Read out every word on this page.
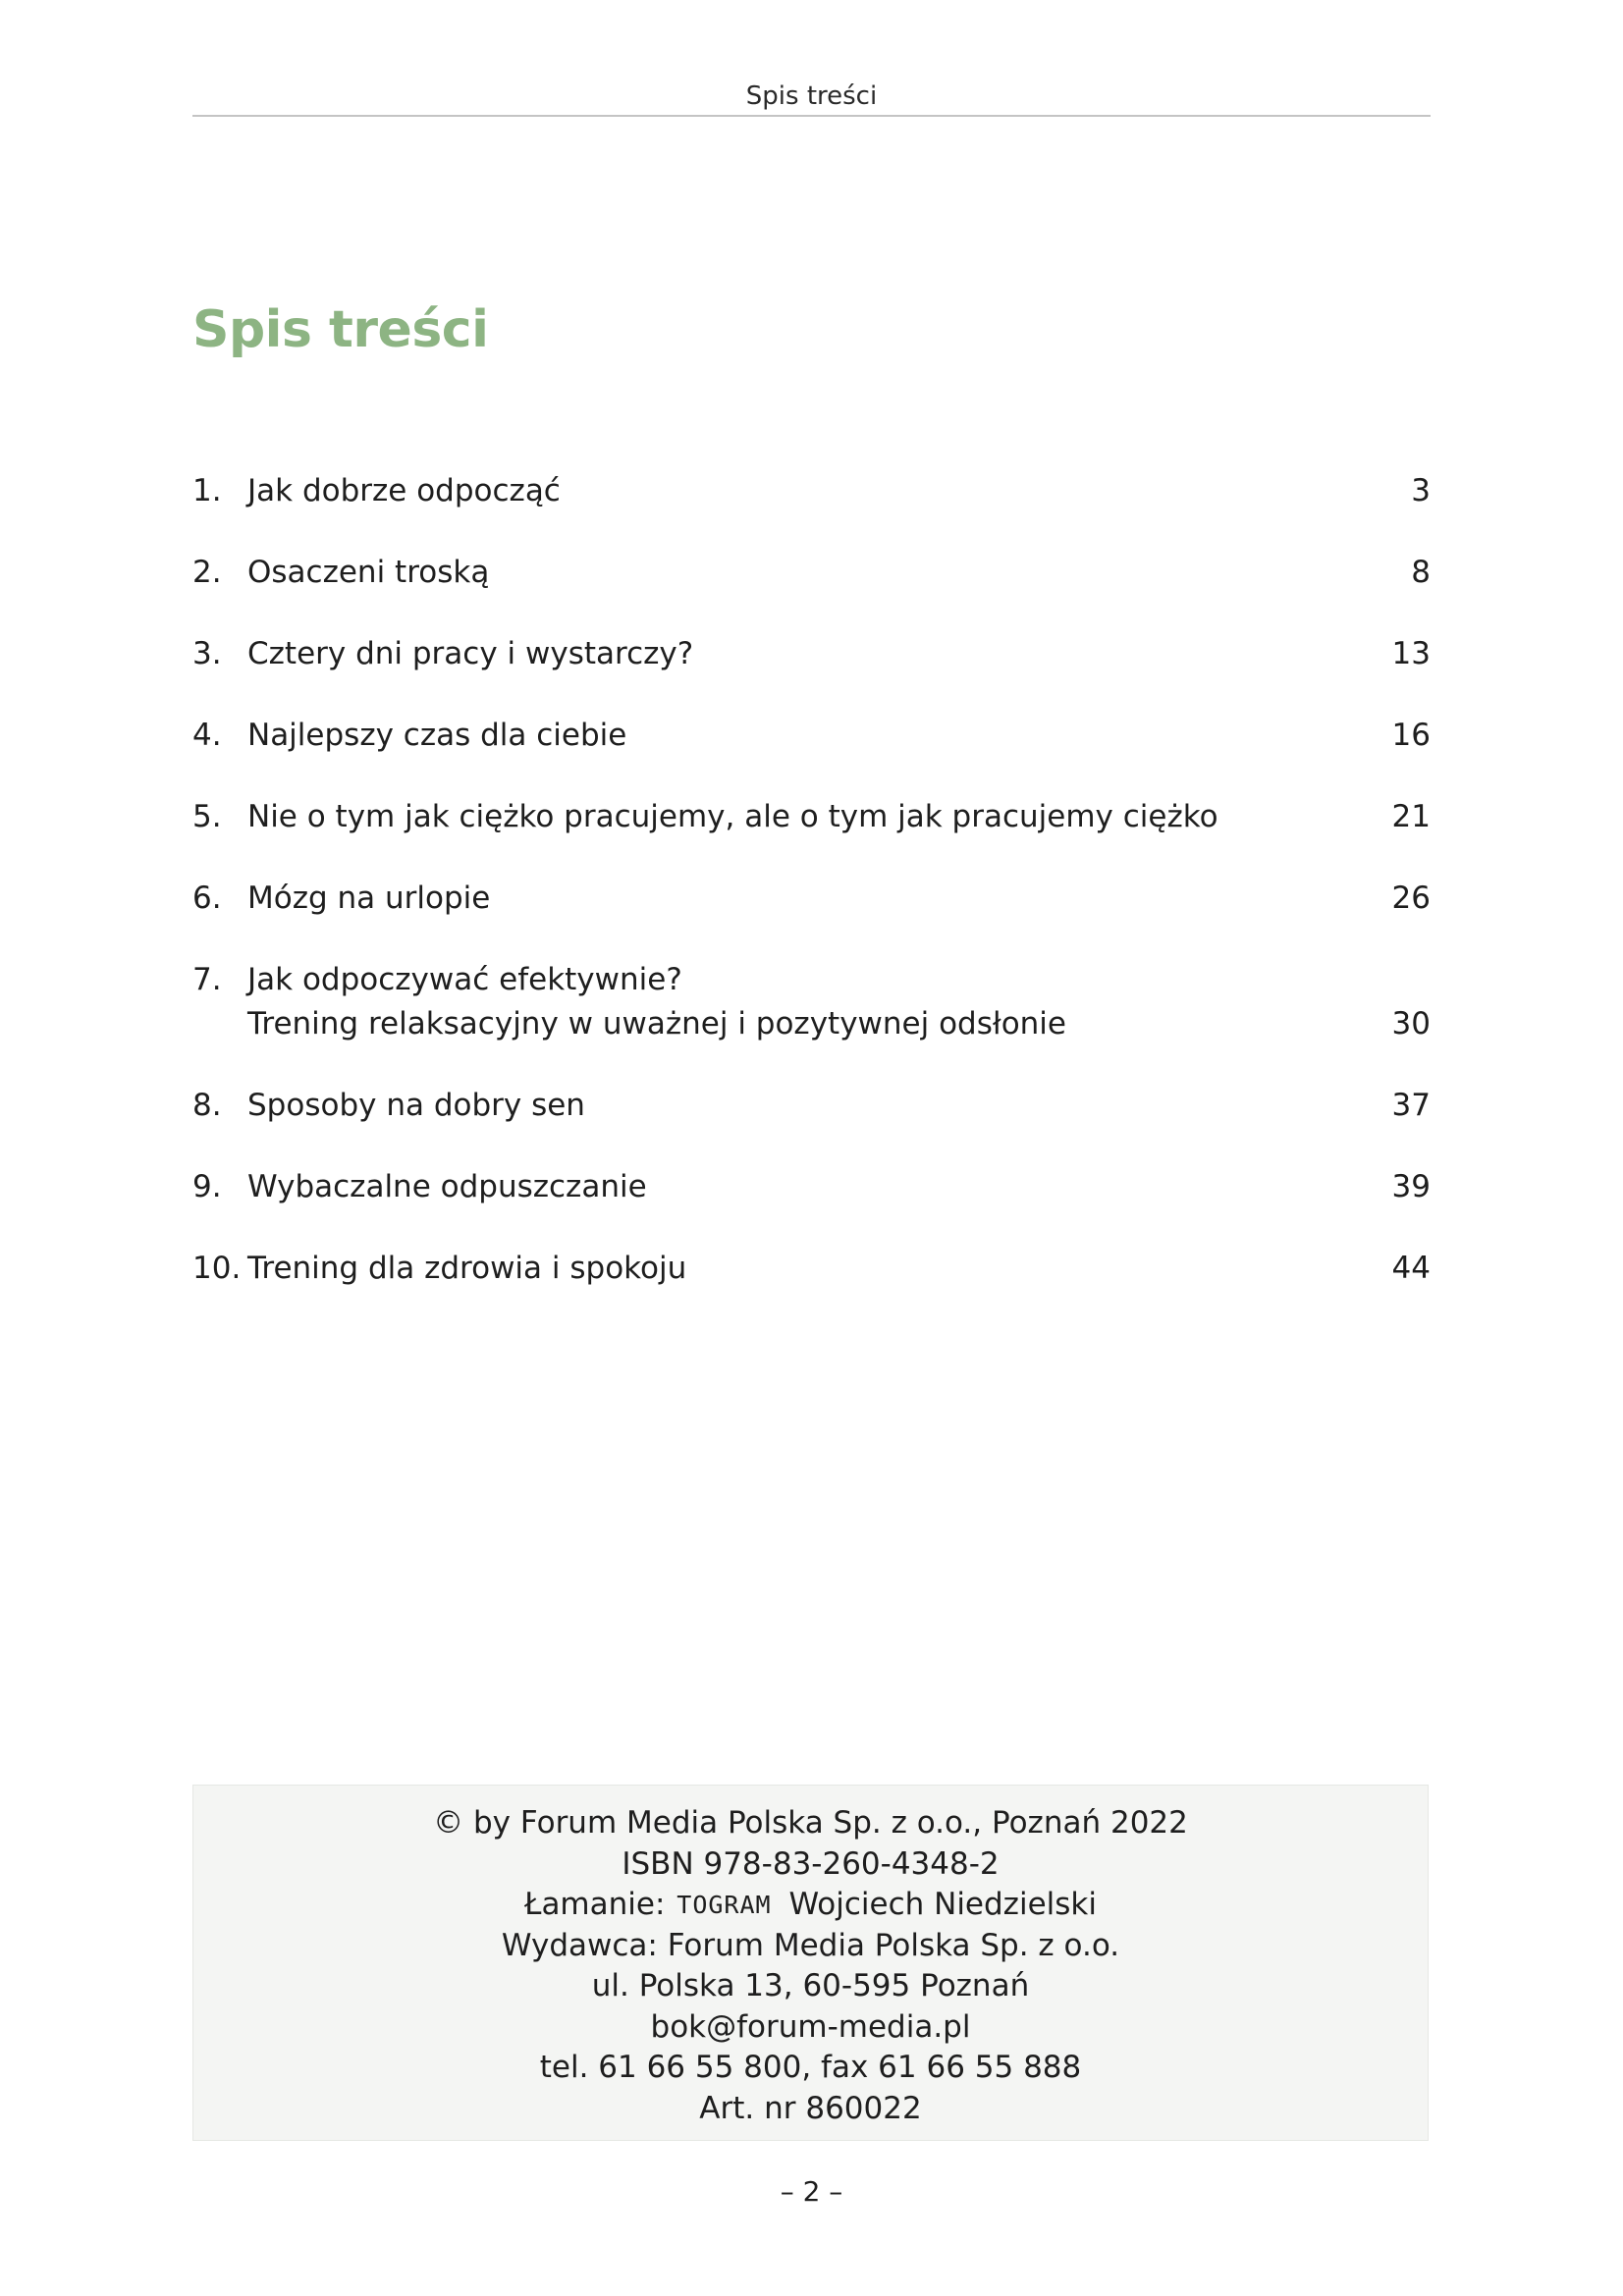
Spis treści
Spis treści
1. Jak dobrze odpocząć	3
2. Osaczeni troską	8
3. Cztery dni pracy i wystarczy?	13
4. Najlepszy czas dla ciebie	16
5. Nie o tym jak ciężko pracujemy, ale o tym jak pracujemy ciężko	21
6. Mózg na urlopie	26
7. Jak odpoczywać efektywnie?
Trening relaksacyjny w uważnej i pozytywnej odsłonie	30
8. Sposoby na dobry sen	37
9. Wybaczalne odpuszczanie	39
10. Trening dla zdrowia i spokoju	44
© by Forum Media Polska Sp. z o.o., Poznań 2022
ISBN 978-83-260-4348-2
Łamanie: TOGRAM Wojciech Niedzielski
Wydawca: Forum Media Polska Sp. z o.o.
ul. Polska 13, 60-595 Poznań
bok@forum-media.pl
tel. 61 66 55 800, fax 61 66 55 888
Art. nr 860022
– 2 –
